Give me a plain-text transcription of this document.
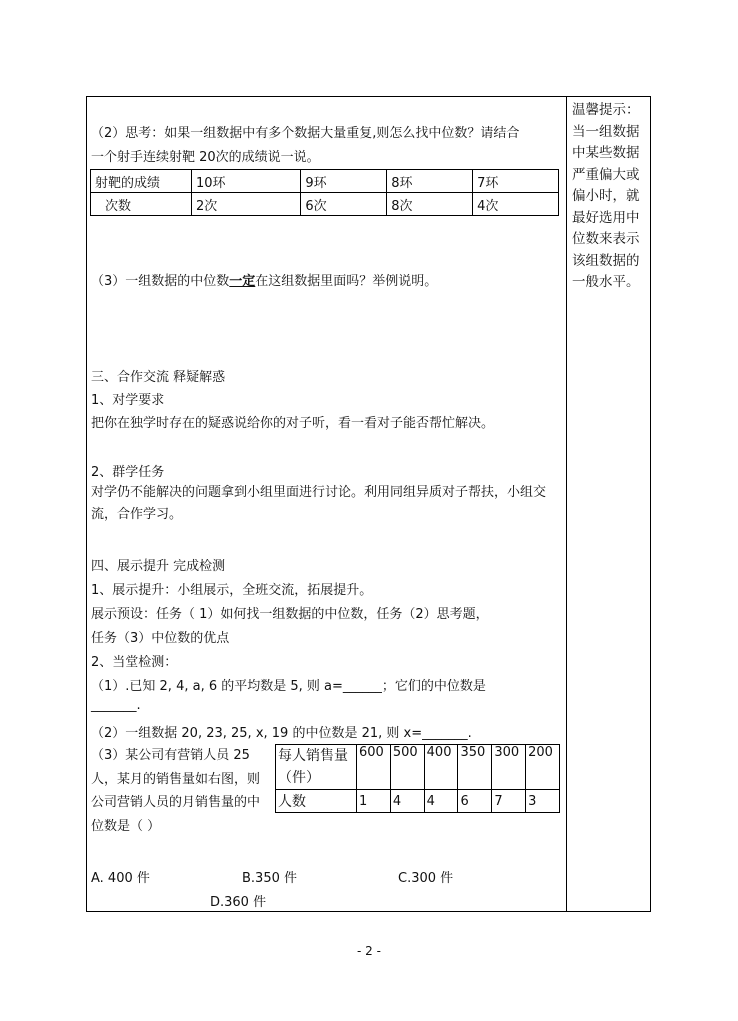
温馨提示：当一组数据中某些数据严重偏大或偏小时，就最好选用中位数来表示该组数据的一般水平。
（2）思考：如果一组数据中有多个数据大量重复,则怎么找中位数？请结合
一个射手连续射靶 20次的成绩说一说。
射靶的成绩	10环	9环	8环	7环
次数	2次	6次	8次	4次
（3）一组数据的中位数一定在这组数据里面吗？举例说明。
三、合作交流 释疑解惑
1、对学要求
把你在独学时存在的疑惑说给你的对子听，看一看对子能否帮忙解决。
2、群学任务
对学仍不能解决的问题拿到小组里面进行讨论。利用同组异质对子帮扶，小组交流，合作学习。
四、展示提升 完成检测
1、展示提升：小组展示，全班交流，拓展提升。
展示预设：任务（ 1）如何找一组数据的中位数，任务（2）思考题，
任务（3）中位数的优点
2、当堂检测：
（1）.已知 2, 4, a, 6 的平均数是 5, 则 a=______；它们的中位数是
_______.
（2）一组数据 20, 23, 25, x, 19 的中位数是 21, 则 x=_______.
（3）某公司有营销人员 25人，某月的销售量如右图，则公司营销人员的月销售量的中位数是（ ）
每人销售量（件）	600	500	400	350	300	200
人数	1	4	4	6	7	3
A. 400 件	B.350 件	C.300 件
D.360 件
- 2 -
